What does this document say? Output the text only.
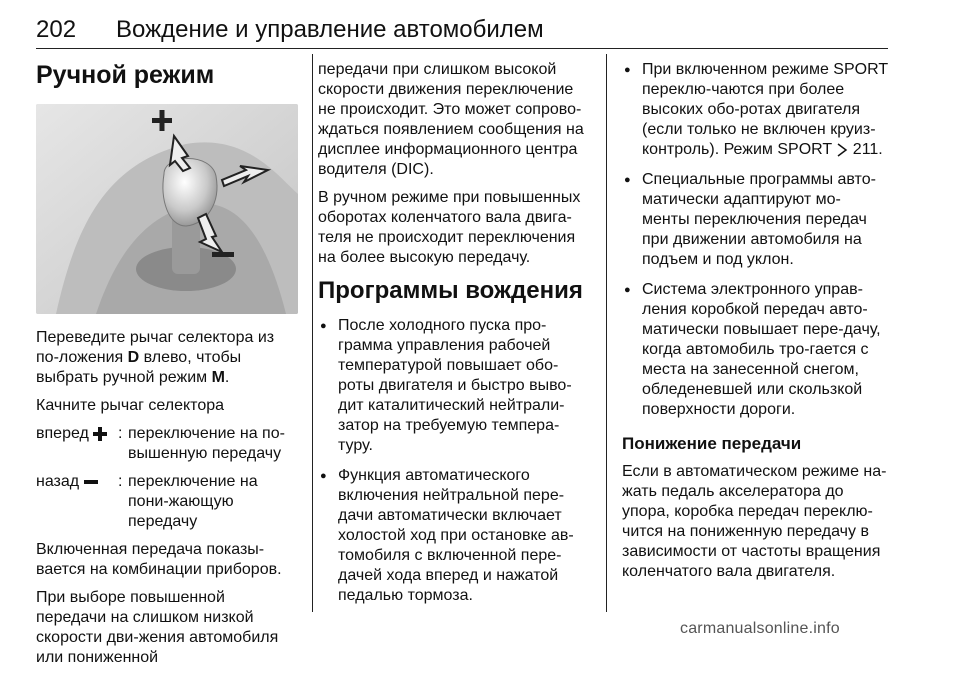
202 Вождение и управление автомобилем
Ручной режим

Переведите рычаг селектора из по-ложения D влево, чтобы выбрать ручной режим M.

Качните рычаг селектора

вперед	: переключение на по-вышенную передачу
назад	: переключение на пони-жающую передачу

Включенная передача показы-вается на комбинации приборов.

При выборе повышенной передачи на слишком низкой скорости дви-жения автомобиля или пониженной

передачи при слишком высокой скорости движения переключение не происходит. Это может сопрово-ждаться появлением сообщения на дисплее информационного центра водителя (DIC).

В ручном режиме при повышенных оборотах коленчатого вала двига-теля не происходит переключения на более высокую передачу.

Программы вождения
● После холодного пуска про-грамма управления рабочей температурой повышает обо-роты двигателя и быстро выво-дит каталитический нейтрали-затор на требуемую темпера-туру.
● Функция автоматического включения нейтральной пере-дачи автоматически включает холостой ход при остановке ав-томобиля с включенной пере-дачей хода вперед и нажатой педалью тормоза.
● При включенном режиме SPORT переклю-чаются при более высоких обо-ротах двигателя (если только не включен круиз-контроль). Режим SPORT  211.
● Специальные программы авто-матически адаптируют мо-менты переключения передач при движении автомобиля на подъем и под уклон.
● Система электронного управ-ления коробкой передач авто-матически повышает пере-дачу, когда автомобиль тро-гается с места на занесенной снегом, обледеневшей или скользкой поверхности дороги.
Понижение передачи

Если в автоматическом режиме на-жать педаль акселератора до упора, коробка передач переклю-чится на пониженную передачу в зависимости от частоты вращения коленчатого вала двигателя.

carmanualsonline.info
